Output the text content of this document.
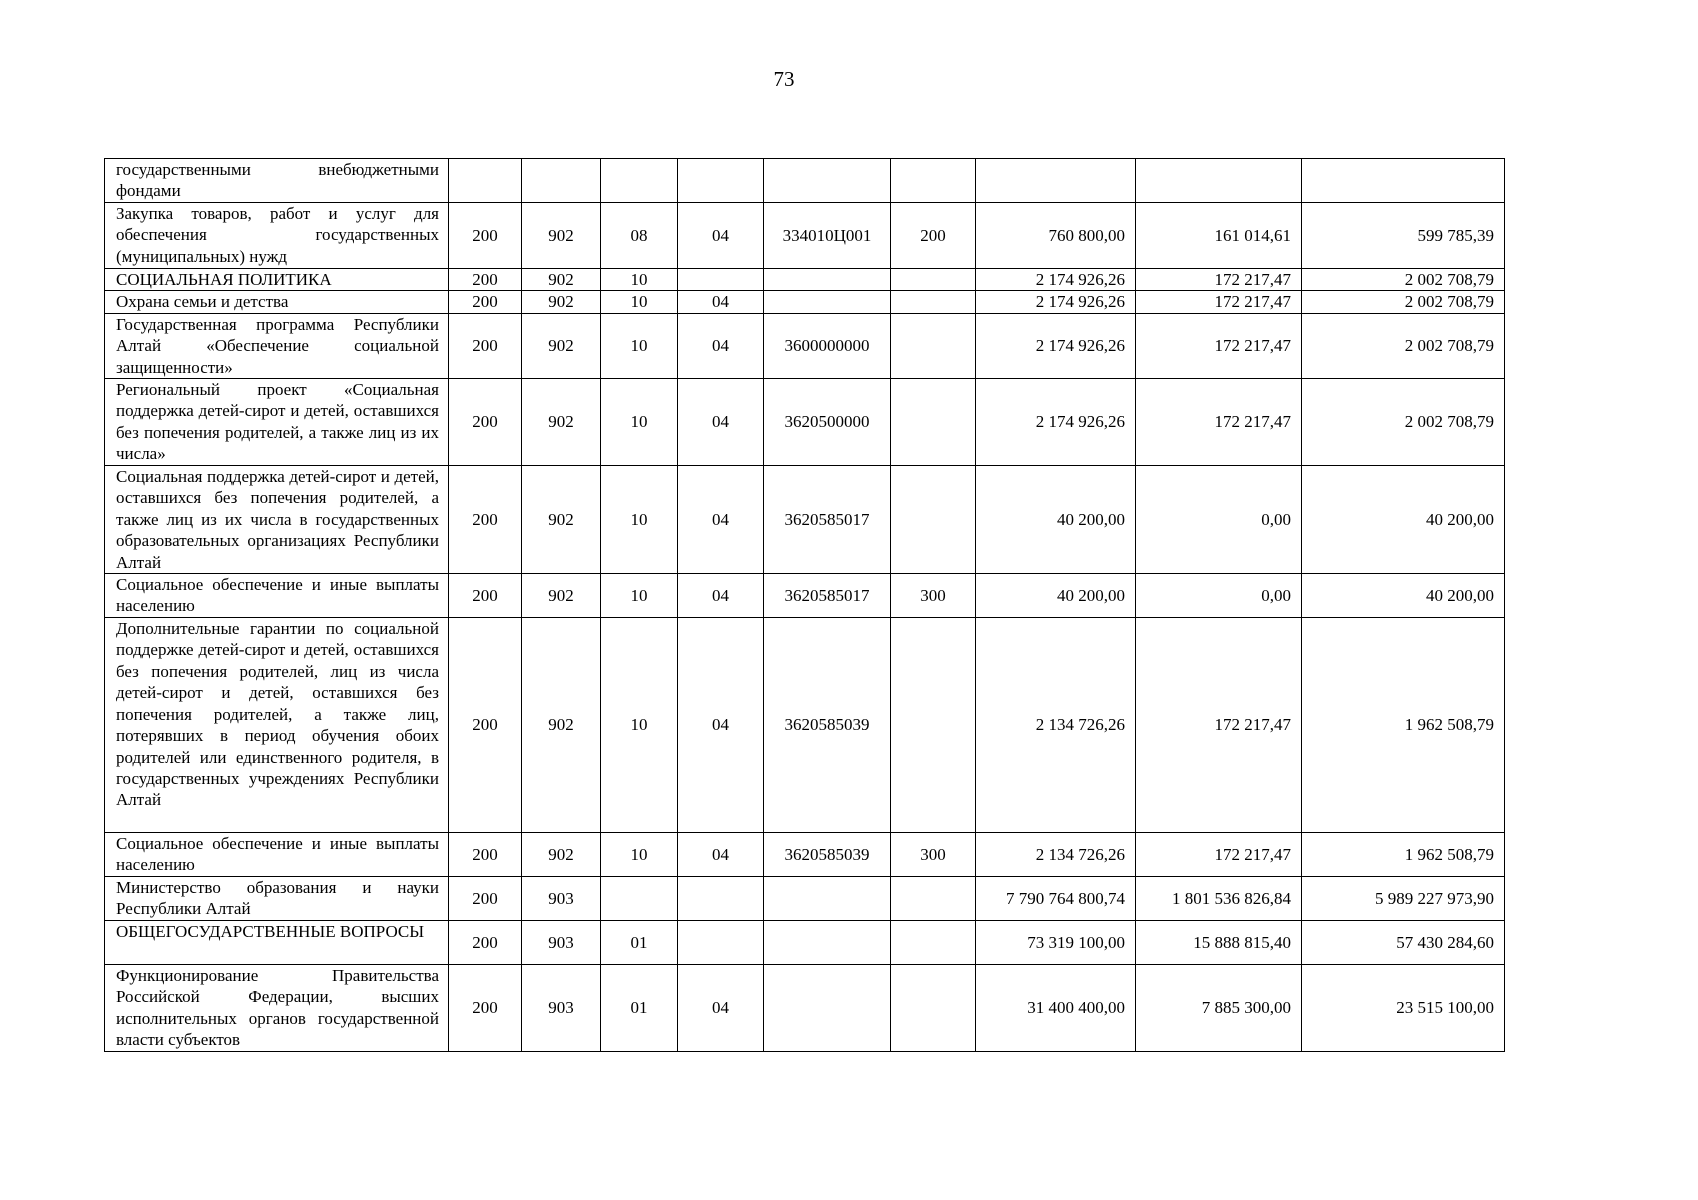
73
государственными внебюджетными фондами									
Закупка товаров, работ и услуг для обеспечения государственных (муниципальных) нужд	200	902	08	04	334010Ц001	200	760 800,00	161 014,61	599 785,39
СОЦИАЛЬНАЯ ПОЛИТИКА	200	902	10				2 174 926,26	172 217,47	2 002 708,79
Охрана семьи и детства	200	902	10	04			2 174 926,26	172 217,47	2 002 708,79
Государственная программа Республики Алтай «Обеспечение социальной защищенности»	200	902	10	04	3600000000		2 174 926,26	172 217,47	2 002 708,79
Региональный проект «Социальная поддержка детей-сирот и детей, оставшихся без попечения родителей, а также лиц из их числа»	200	902	10	04	3620500000		2 174 926,26	172 217,47	2 002 708,79
Социальная поддержка детей-сирот и детей, оставшихся без попечения родителей, а также лиц из их числа в государственных образовательных организациях Республики Алтай	200	902	10	04	3620585017		40 200,00	0,00	40 200,00
Социальное обеспечение и иные выплаты населению	200	902	10	04	3620585017	300	40 200,00	0,00	40 200,00
Дополнительные гарантии по социальной поддержке детей-сирот и детей, оставшихся без попечения родителей, лиц из числа детей-сирот и детей, оставшихся без попечения родителей, а также лиц, потерявших в период обучения обоих родителей или единственного родителя, в государственных учреждениях Республики Алтай	200	902	10	04	3620585039		2 134 726,26	172 217,47	1 962 508,79
Социальное обеспечение и иные выплаты населению	200	902	10	04	3620585039	300	2 134 726,26	172 217,47	1 962 508,79
Министерство образования и науки Республики Алтай	200	903					7 790 764 800,74	1 801 536 826,84	5 989 227 973,90
ОБЩЕГОСУДАРСТВЕННЫЕ ВОПРОСЫ	200	903	01				73 319 100,00	15 888 815,40	57 430 284,60
Функционирование Правительства Российской Федерации, высших исполнительных органов государственной власти субъектов	200	903	01	04			31 400 400,00	7 885 300,00	23 515 100,00
